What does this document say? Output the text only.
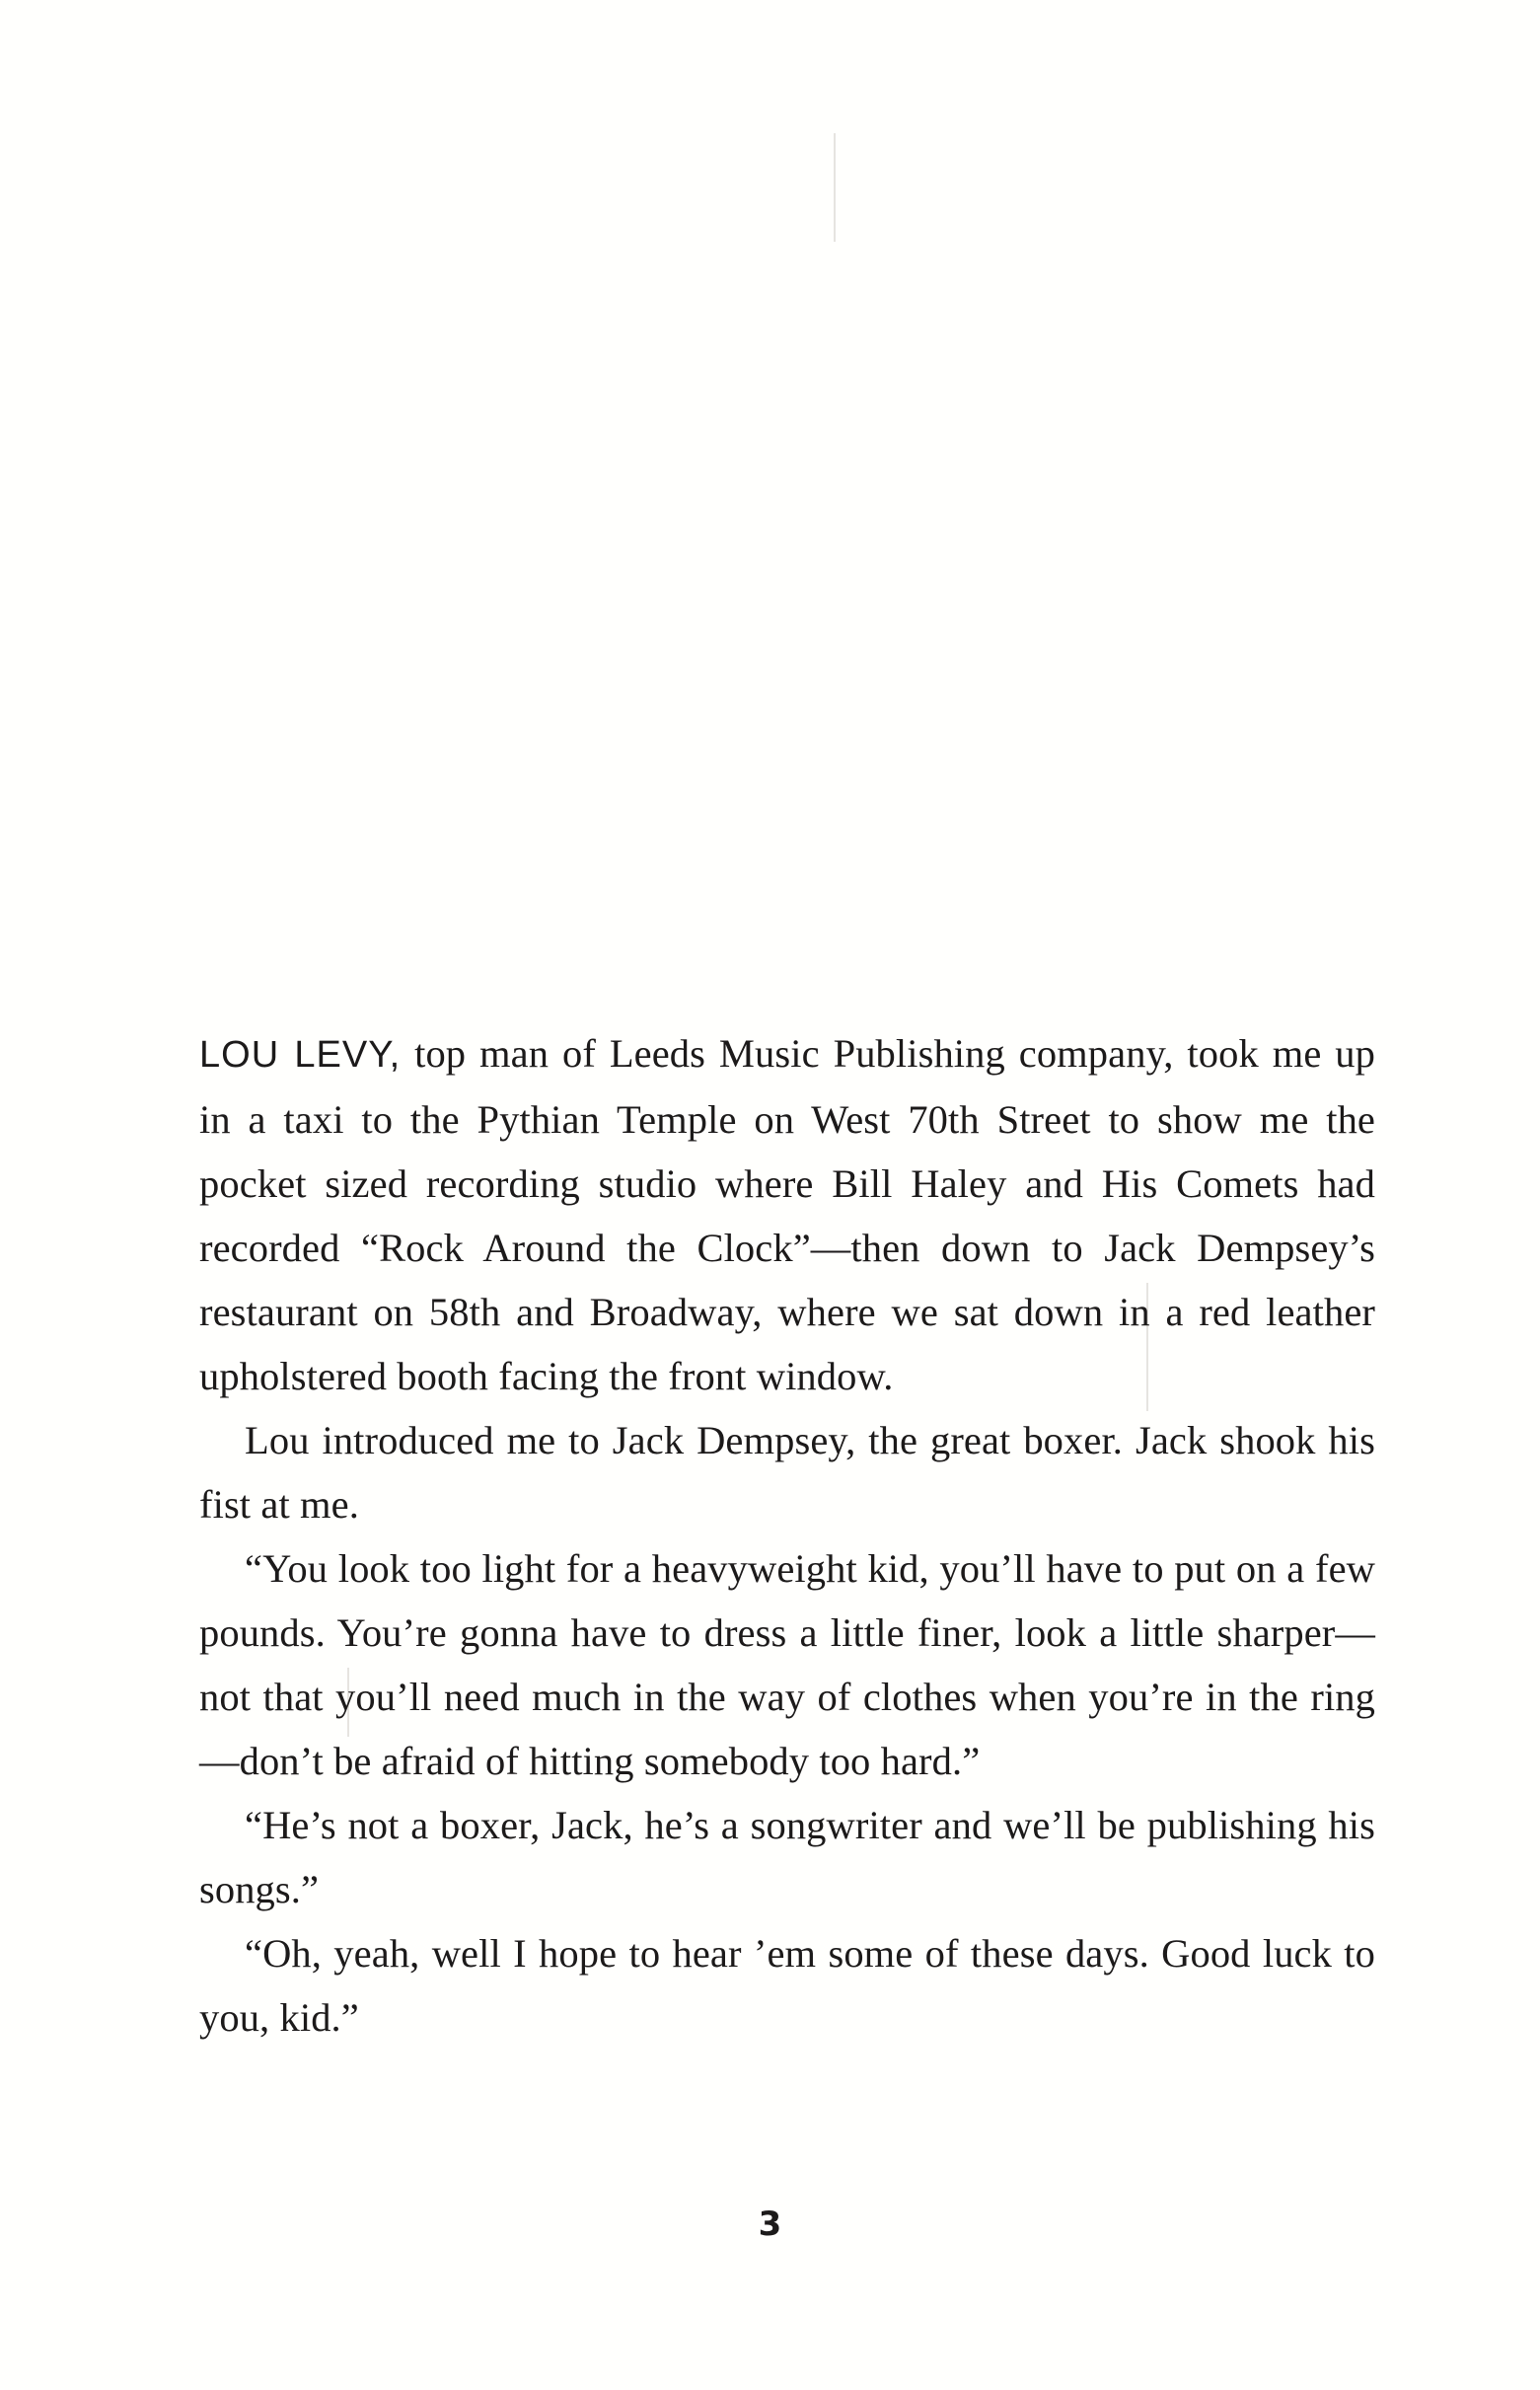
LOU LEVY, top man of Leeds Music Publishing company, took me up in a taxi to the Pythian Temple on West 70th Street to show me the pocket sized recording studio where Bill Haley and His Comets had recorded “Rock Around the Clock”—then down to Jack Dempsey’s restaurant on 58th and Broadway, where we sat down in a red leather upholstered booth facing the front window.

Lou introduced me to Jack Dempsey, the great boxer. Jack shook his fist at me.

“You look too light for a heavyweight kid, you’ll have to put on a few pounds. You’re gonna have to dress a little finer, look a little sharper—not that you’ll need much in the way of clothes when you’re in the ring—don’t be afraid of hitting somebody too hard.”

“He’s not a boxer, Jack, he’s a songwriter and we’ll be publishing his songs.”

“Oh, yeah, well I hope to hear ’em some of these days. Good luck to you, kid.”

3
